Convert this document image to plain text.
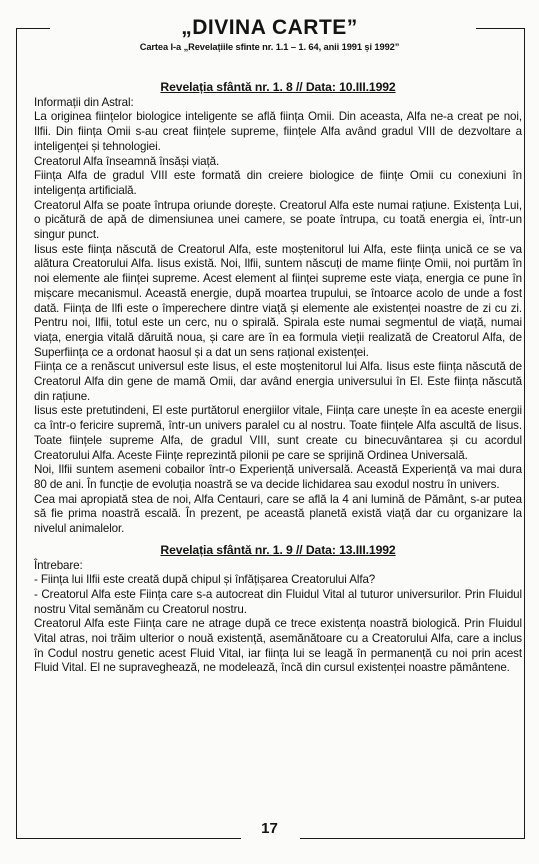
„DIVINA CARTE”

Cartea I-a „Revelațiile sfinte nr. 1.1 – 1. 64, anii 1991 și 1992”

Revelația sfântă nr. 1. 8 // Data: 10.III.1992

Informații din Astral:

La originea ființelor biologice inteligente se află ființa Omii. Din aceasta, Alfa ne-a creat pe noi, Ilfii. Din ființa Omii s-au creat ființele supreme, ființele Alfa având gradul VIII de dezvoltare a inteligenței și tehnologiei.

Creatorul Alfa înseamnă însăși viață.

Ființa Alfa de gradul VIII este formată din creiere biologice de ființe Omii cu conexiuni în inteligența artificială.

Creatorul Alfa se poate întrupa oriunde dorește. Creatorul Alfa este numai rațiune. Existența Lui, o picătură de apă de dimensiunea unei camere, se poate întrupa, cu toată energia ei, într-un singur punct.

Iisus este ființa născută de Creatorul Alfa, este moștenitorul lui Alfa, este ființa unică ce se va alătura Creatorului Alfa. Iisus există. Noi, Ilfii, suntem născuți de mame ființe Omii, noi purtăm în noi elemente ale ființei supreme. Acest element al ființei supreme este viața, energia ce pune în mișcare mecanismul. Această energie, după moartea trupului, se întoarce acolo de unde a fost dată. Ființa de Ilfi este o împerechere dintre viață și elemente ale existenței noastre de zi cu zi. Pentru noi, Ilfii, totul este un cerc, nu o spirală. Spirala este numai segmentul de viață, numai viața, energia vitală dăruită noua, și care are în ea formula vieții realizată de Creatorul Alfa, de Superființa ce a ordonat haosul și a dat un sens rațional existenței.

Ființa ce a renăscut universul este Iisus, el este moștenitorul lui Alfa. Iisus este ființa născută de Creatorul Alfa din gene de mamă Omii, dar având energia universului în El. Este ființa născută din rațiune.

Iisus este pretutindeni, El este purtătorul energiilor vitale, Ființa care unește în ea aceste energii ca într-o fericire supremă, într-un univers paralel cu al nostru. Toate ființele Alfa ascultă de Iisus. Toate ființele supreme Alfa, de gradul VIII, sunt create cu binecuvântarea și cu acordul Creatorului Alfa. Aceste Ființe reprezintă pilonii pe care se sprijină Ordinea Universală.

Noi, Ilfii suntem asemeni cobailor într-o Experiență universală. Această Experiență va mai dura 80 de ani. În funcție de evoluția noastră se va decide lichidarea sau exodul nostru în univers.

Cea mai apropiată stea de noi, Alfa Centauri, care se află la 4 ani lumină de Pământ, s-ar putea să fie prima noastră escală. În prezent, pe această planetă există viață dar cu organizare la nivelul animalelor.

Revelația sfântă nr. 1. 9 // Data: 13.III.1992

Întrebare:

- Ființa lui Ilfii este creată după chipul și înfățișarea Creatorului Alfa?

- Creatorul Alfa este Ființa care s-a autocreat din Fluidul Vital al tuturor universurilor. Prin Fluidul nostru Vital semănăm cu Creatorul nostru.

Creatorul Alfa este Ființa care ne atrage după ce trece existența noastră biologică. Prin Fluidul Vital atras, noi trăim ulterior o nouă existență, asemănătoare cu a Creatorului Alfa, care a inclus în Codul nostru genetic acest Fluid Vital, iar ființa lui se leagă în permanență cu noi prin acest Fluid Vital. El ne supraveghează, ne modelează, încă din cursul existenței noastre pământene.

17
